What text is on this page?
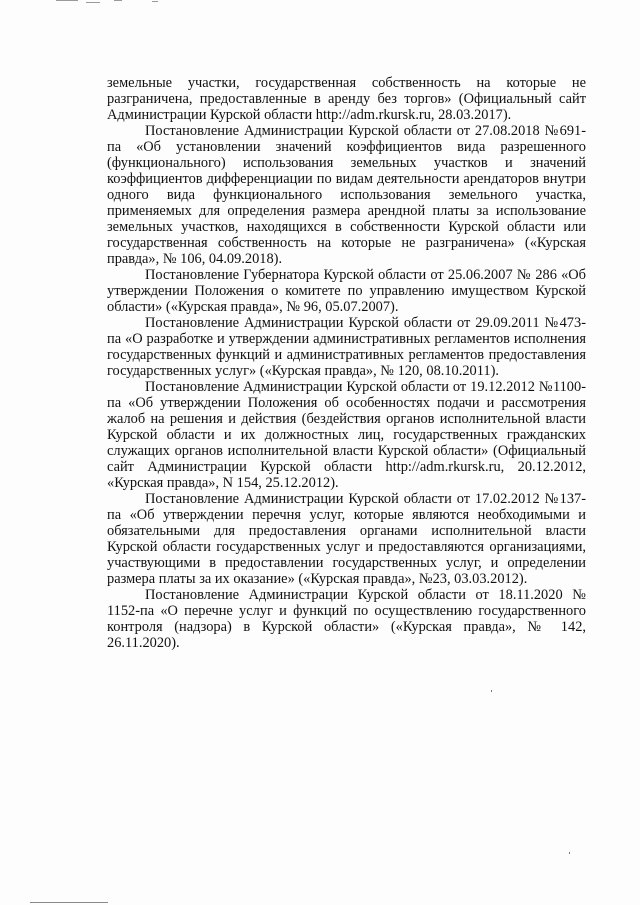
земельные участки, государственная собственность на которые не разграничена, предоставленные в аренду без торгов» (Официальный сайт Администрации Курской области http://adm.rkursk.ru, 28.03.2017).

Постановление Администрации Курской области от 27.08.2018 №691-па «Об установлении значений коэффициентов вида разрешенного (функционального) использования земельных участков и значений коэффициентов дифференциации по видам деятельности арендаторов внутри одного вида функционального использования земельного участка, применяемых для определения размера арендной платы за использование земельных участков, находящихся в собственности Курской области или государственная собственность на которые не разграничена» («Курская правда», № 106, 04.09.2018).

Постановление Губернатора Курской области от 25.06.2007 № 286 «Об утверждении Положения о комитете по управлению имуществом Курской области» («Курская правда», № 96, 05.07.2007).

Постановление Администрации Курской области от 29.09.2011 №473-па «О разработке и утверждении административных регламентов исполнения государственных функций и административных регламентов предоставления государственных услуг» («Курская правда», № 120, 08.10.2011).

Постановление Администрации Курской области от 19.12.2012 №1100-па «Об утверждении Положения об особенностях подачи и рассмотрения жалоб на решения и действия (бездействия органов исполнительной власти Курской области и их должностных лиц, государственных гражданских служащих органов исполнительной власти Курской области» (Официальный сайт Администрации Курской области http://adm.rkursk.ru, 20.12.2012, «Курская правда», N 154, 25.12.2012).

Постановление Администрации Курской области от 17.02.2012 №137-па «Об утверждении перечня услуг, которые являются необходимыми и обязательными для предоставления органами исполнительной власти Курской области государственных услуг и предоставляются организациями, участвующими в предоставлении государственных услуг, и определении размера платы за их оказание» («Курская правда», №23, 03.03.2012).

Постановление Администрации Курской области от 18.11.2020 № 1152-па «О перечне услуг и функций по осуществлению государственного контроля (надзора) в Курской области» («Курская правда», № 142, 26.11.2020).
